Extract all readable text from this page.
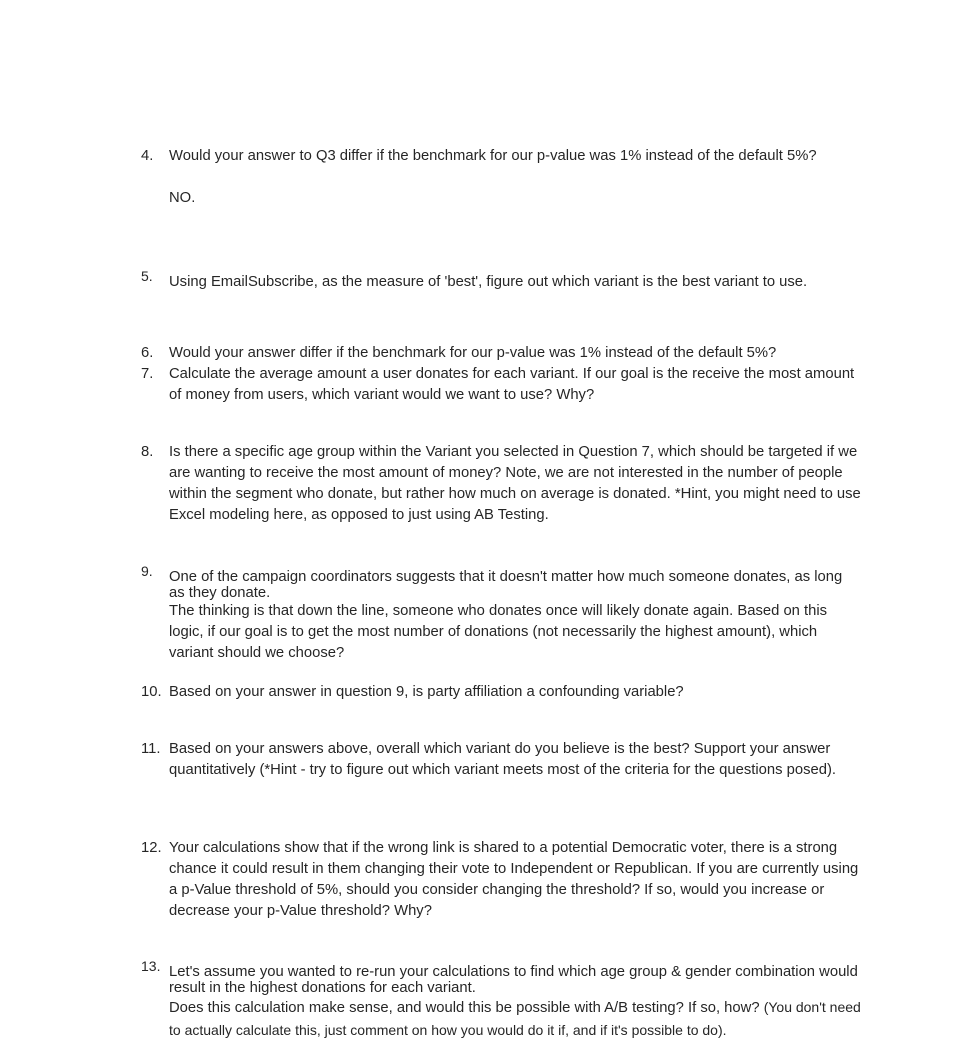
4.	Would your answer to Q3 differ if the benchmark for our p-value was 1% instead of the default 5%?

NO.

5.	Using EmailSubscribe, as the measure of 'best', figure out which variant is the best variant to use.

6.	Would your answer differ if the benchmark for our p-value was 1% instead of the default 5%?

7.	Calculate the average amount a user donates for each variant. If our goal is the receive the most amount of money from users, which variant would we want to use? Why?

8.	Is there a specific age group within the Variant you selected in Question 7, which should be targeted if we are wanting to receive the most amount of money? Note, we are not interested in the number of people within the segment who donate, but rather how much on average is donated. *Hint, you might need to use Excel modeling here, as opposed to just using AB Testing.

9.	One of the campaign coordinators suggests that it doesn't matter how much someone donates, as long as they donate.

The thinking is that down the line, someone who donates once will likely donate again. Based on this logic, if our goal is to get the most number of donations (not necessarily the highest amount), which variant should we choose?

10. Based on your answer in question 9, is party affiliation a confounding variable?

11. Based on your answers above, overall which variant do you believe is the best? Support your answer quantitatively (*Hint - try to figure out which variant meets most of the criteria for the questions posed).

12. Your calculations show that if the wrong link is shared to a potential Democratic voter, there is a strong chance it could result in them changing their vote to Independent or Republican. If you are currently using a p-Value threshold of 5%, should you consider changing the threshold? If so, would you increase or decrease your p-Value threshold? Why?

13. Let's assume you wanted to re-run your calculations to find which age group & gender combination would result in the highest donations for each variant.

Does this calculation make sense, and would this be possible with A/B testing? If so, how? (You don't need to actually calculate this, just comment on how you would do it if, and if it's possible to do).
